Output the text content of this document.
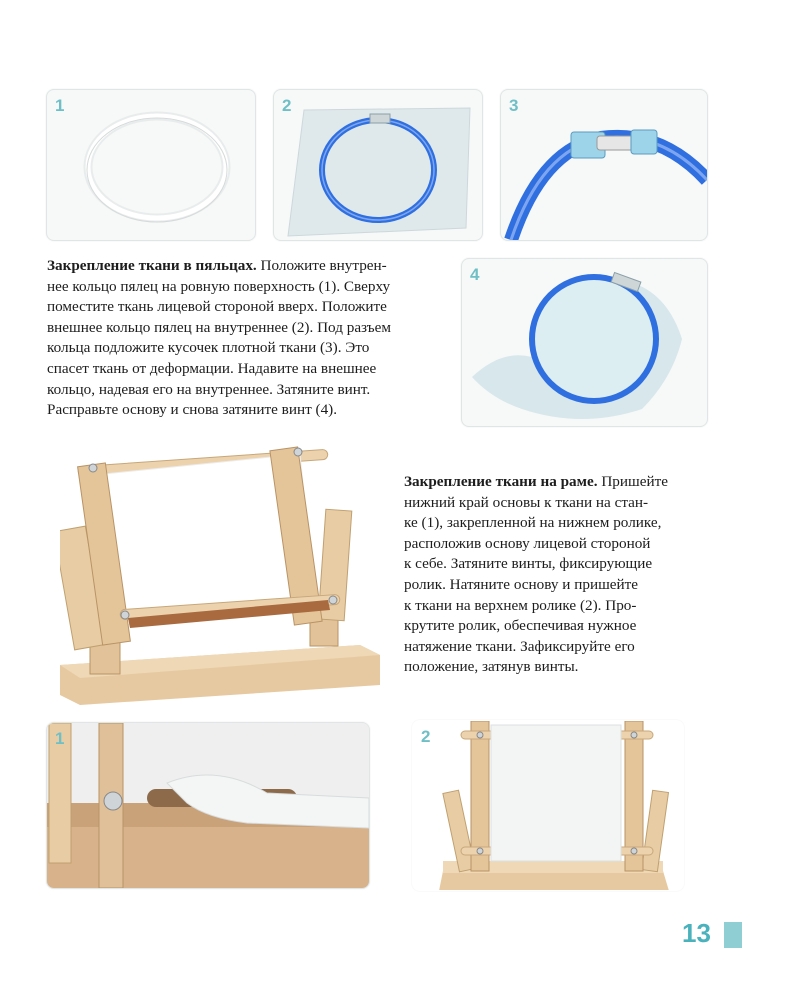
1	2	3
4
Закрепление ткани в пяльцах. Положите внутрен-
нее кольцо пялец на ровную поверхность (1). Сверху
поместите ткань лицевой стороной вверх. Положите
внешнее кольцо пялец на внутреннее (2). Под разъем
кольца подложите кусочек плотной ткани (3). Это
спасет ткань от деформации. Надавите на внешнее
кольцо, надевая его на внутреннее. Затяните винт.
Расправьте основу и снова затяните винт (4).
Закрепление ткани на раме. Пришейте
нижний край основы к ткани на стан-
ке (1), закрепленной на нижнем ролике,
расположив основу лицевой стороной
к себе. Затяните винты, фиксирующие
ролик. Натяните основу и пришейте
к ткани на верхнем ролике (2). Про-
крутите ролик, обеспечивая нужное
натяжение ткани. Зафиксируйте его
положение, затянув винты.
1	2
13
